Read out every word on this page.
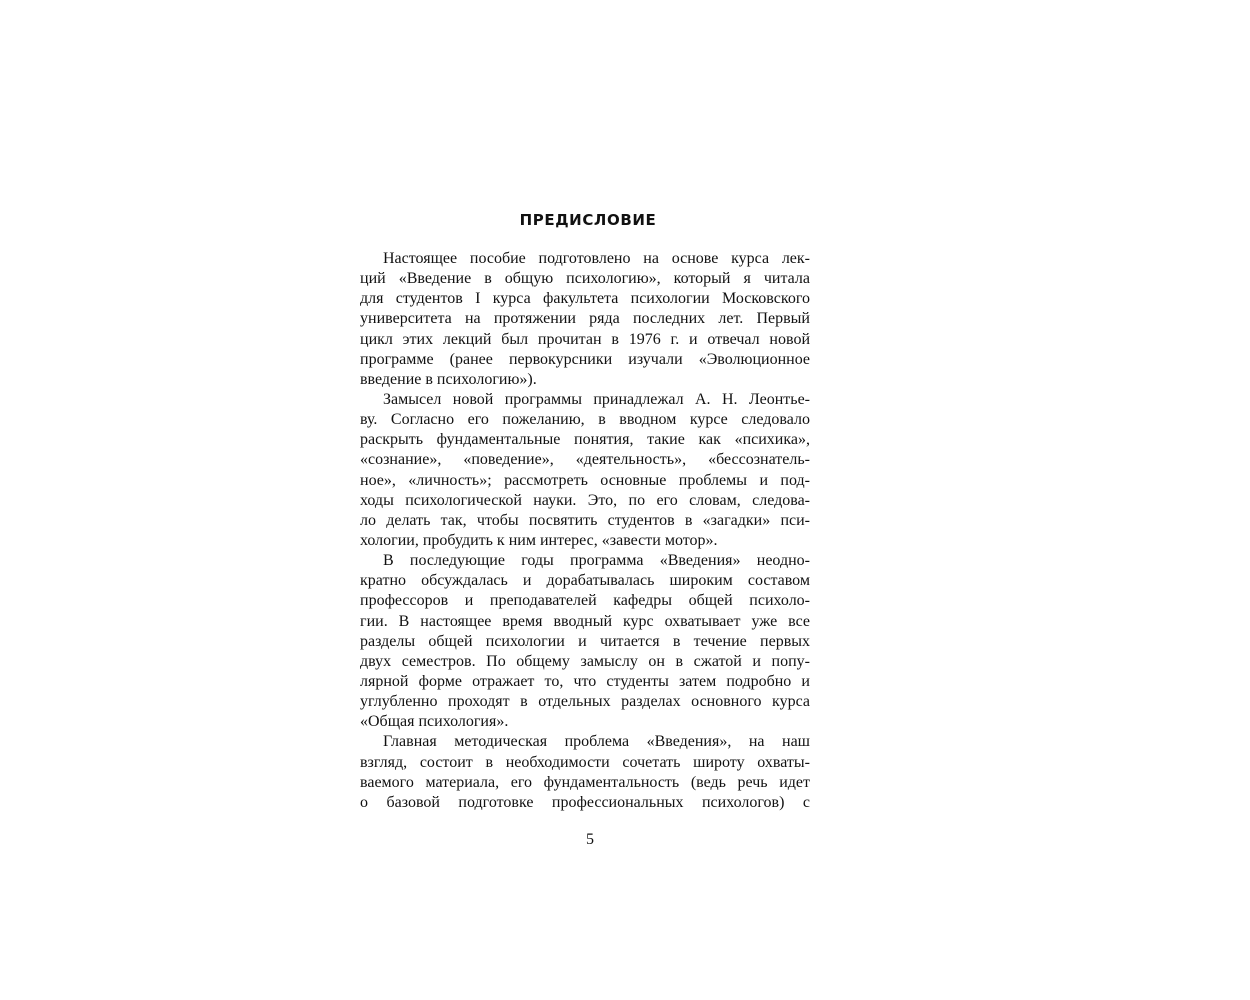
ПРЕДИСЛОВИЕ
Настоящее пособие подготовлено на основе курса лек-
ций «Введение в общую психологию», который я читала
для студентов I курса факультета психологии Московского
университета на протяжении ряда последних лет. Первый
цикл этих лекций был прочитан в 1976 г. и отвечал новой
программе (ранее первокурсники изучали «Эволюционное
введение в психологию»).
Замысел новой программы принадлежал А. Н. Леонтье-
ву. Согласно его пожеланию, в вводном курсе следовало
раскрыть фундаментальные понятия, такие как «психика»,
«сознание», «поведение», «деятельность», «бессознатель-
ное», «личность»; рассмотреть основные проблемы и под-
ходы психологической науки. Это, по его словам, следова-
ло делать так, чтобы посвятить студентов в «загадки» пси-
хологии, пробудить к ним интерес, «завести мотор».
В последующие годы программа «Введения» неодно-
кратно обсуждалась и дорабатывалась широким составом
профессоров и преподавателей кафедры общей психоло-
гии. В настоящее время вводный курс охватывает уже все
разделы общей психологии и читается в течение первых
двух семестров. По общему замыслу он в сжатой и попу-
лярной форме отражает то, что студенты затем подробно и
углубленно проходят в отдельных разделах основного курса
«Общая психология».
Главная методическая проблема «Введения», на наш
взгляд, состоит в необходимости сочетать широту охваты-
ваемого материала, его фундаментальность (ведь речь идет
о базовой подготовке профессиональных психологов) с
5
